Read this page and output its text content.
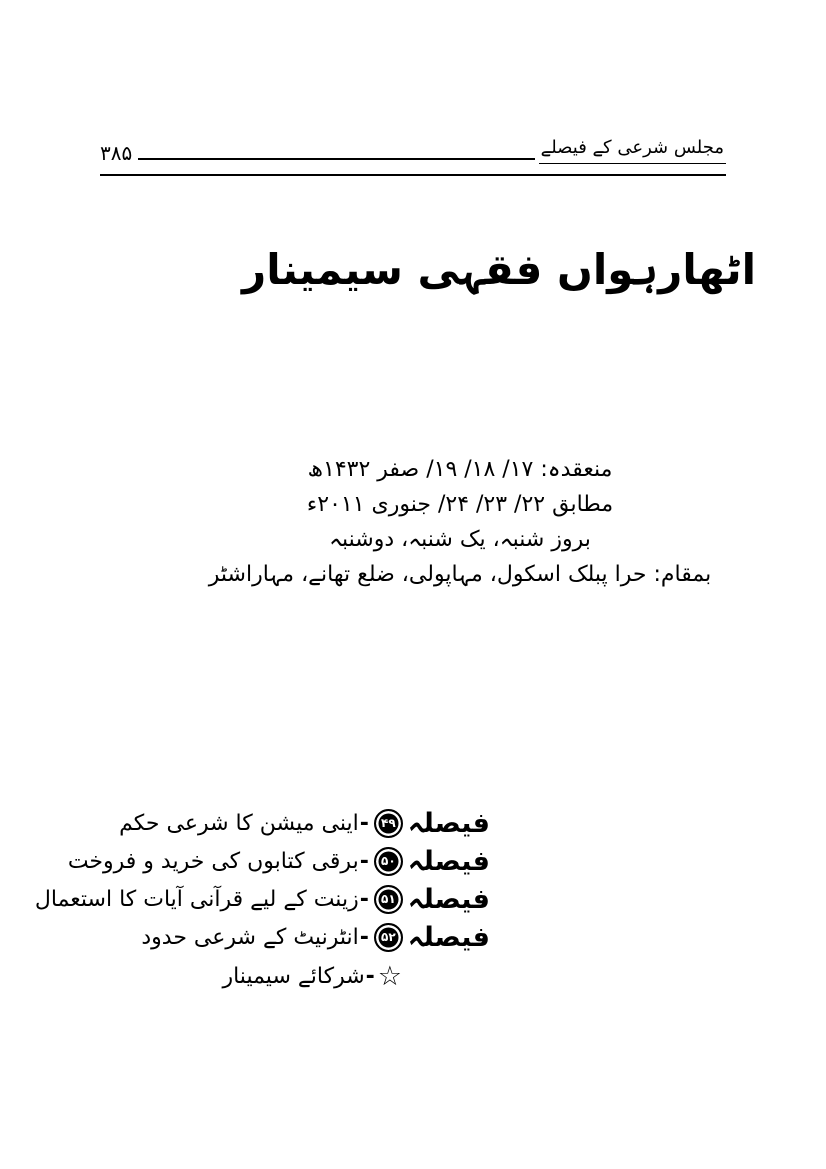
۳۸۵	مجلس شرعی کے فیصلے
اٹھارہواں فقہی سیمینار

منعقدہ: ۱۷/ ۱۸/ ۱۹/ صفر ۱۴۳۲ھ

مطابق ۲۲/ ۲۳/ ۲۴/ جنوری ۲۰۱۱ء

بروز شنبہ، یک شنبہ، دوشنبہ

بمقام: حرا پبلک اسکول، مہاپولی، ضلع تھانے، مہاراشٹر

فیصلہ
۴۹
-
اینی میشن کا شرعی حکم
فیصلہ
۵۰
-
برقی کتابوں کی خرید و فروخت
فیصلہ
۵۱
-
زینت کے لیے قرآنی آیات کا استعمال
فیصلہ
۵۲
-
انٹرنیٹ کے شرعی حدود
☆
-
شرکائے سیمینار
